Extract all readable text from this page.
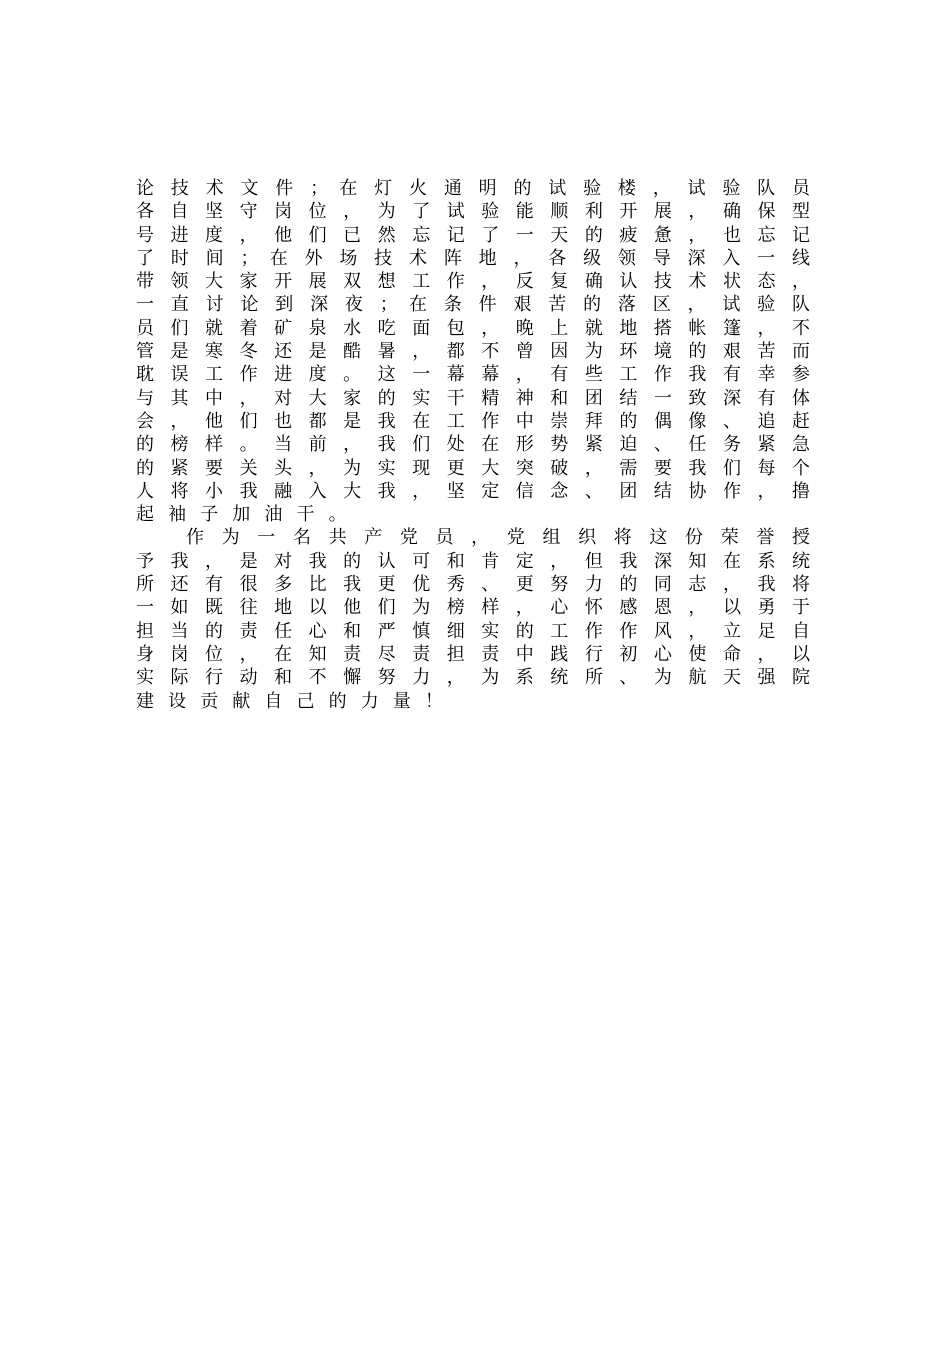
论 技 术 文 件 ； 在 灯 火 通 明 的 试 验 楼 ， 试 验 队 员
各 自 坚 守 岗 位 ， 为 了 试 验 能 顺 利 开 展 ， 确 保 型
号 进 度 ， 他 们 已 然 忘 记 了 一 天 的 疲 惫 ， 也 忘 记
了 时 间 ； 在 外 场 技 术 阵 地 ， 各 级 领 导 深 入 一 线
带 领 大 家 开 展 双 想 工 作 ， 反 复 确 认 技 术 状 态 ，
一 直 讨 论 到 深 夜 ； 在 条 件 艰 苦 的 落 区 ， 试 验 队
员 们 就 着 矿 泉 水 吃 面 包 ， 晚 上 就 地 搭 帐 篷 ， 不
管 是 寒 冬 还 是 酷 暑 ， 都 不 曾 因 为 环 境 的 艰 苦 而
耽 误 工 作 进 度 。 这 一 幕 幕 ， 有 些 工 作 我 有 幸 参
与 其 中 ， 对 大 家 的 实 干 精 神 和 团 结 一 致 深 有 体
会 ， 他 们 也 都 是 我 在 工 作 中 崇 拜 的 偶 像 、 追 赶
的 榜 样 。 当 前 ， 我 们 处 在 形 势 紧 迫 、 任 务 紧 急
的 紧 要 关 头 ， 为 实 现 更 大 突 破 ， 需 要 我 们 每 个
人 将 小 我 融 入 大 我 ， 坚 定 信 念 、 团 结 协 作 ， 撸
起袖子加油干。
作 为 一 名 共 产 党 员 ， 党 组 织 将 这 份 荣 誉 授
予 我 ， 是 对 我 的 认 可 和 肯 定 ， 但 我 深 知 在 系 统
所 还 有 很 多 比 我 更 优 秀 、 更 努 力 的 同 志 ， 我 将
一 如 既 往 地 以 他 们 为 榜 样 ， 心 怀 感 恩 ， 以 勇 于
担 当 的 责 任 心 和 严 慎 细 实 的 工 作 作 风 ， 立 足 自
身 岗 位 ， 在 知 责 尽 责 担 责 中 践 行 初 心 使 命 ， 以
实 际 行 动 和 不 懈 努 力 ， 为 系 统 所 、 为 航 天 强 院
建设贡献自己的力量！
